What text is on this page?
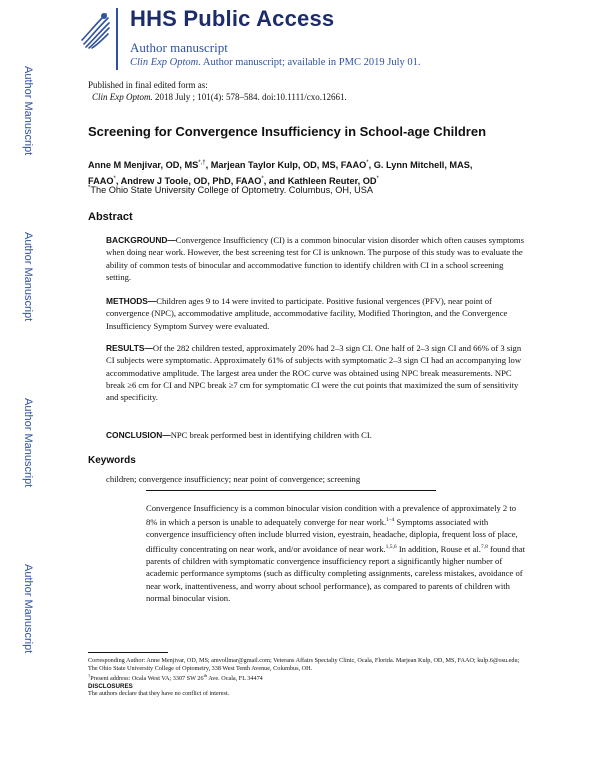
HHS Public Access
Author manuscript
Clin Exp Optom. Author manuscript; available in PMC 2019 July 01.
Author Manuscript
Author Manuscript
Author Manuscript
Author Manuscript
Published in final edited form as:
Clin Exp Optom. 2018 July ; 101(4): 578–584. doi:10.1111/cxo.12661.
Screening for Convergence Insufficiency in School-age Children
Anne M Menjivar, OD, MS*,†, Marjean Taylor Kulp, OD, MS, FAAO*, G. Lynn Mitchell, MAS,
FAAO*, Andrew J Toole, OD, PhD, FAAO*, and Kathleen Reuter, OD*
*The Ohio State University College of Optometry. Columbus, OH, USA
Abstract
BACKGROUND—Convergence Insufficiency (CI) is a common binocular vision disorder which often causes symptoms when doing near work. However, the best screening test for CI is unknown. The purpose of this study was to evaluate the ability of common tests of binocular and accommodative function to identify children with CI in a school screening setting.
METHODS—Children ages 9 to 14 were invited to participate. Positive fusional vergences (PFV), near point of convergence (NPC), accommodative amplitude, accommodative facility, Modified Thorington, and the Convergence Insufficiency Symptom Survey were evaluated.
RESULTS—Of the 282 children tested, approximately 20% had 2–3 sign CI. One half of 2–3 sign CI and 66% of 3 sign CI subjects were symptomatic. Approximately 61% of subjects with symptomatic 2–3 sign CI had an accompanying low accommodative amplitude. The largest area under the ROC curve was obtained using NPC break measurements. NPC break ≥6 cm for CI and NPC break ≥7 cm for symptomatic CI were the cut points that maximized the sum of sensitivity and specificity.
CONCLUSION—NPC break performed best in identifying children with CI.
Keywords
children; convergence insufficiency; near point of convergence; screening
Convergence Insufficiency is a common binocular vision condition with a prevalence of approximately 2 to 8% in which a person is unable to adequately converge for near work.$^{1-4}$ Symptoms associated with convergence insufficiency often include blurred vision, eyestrain, headache, diplopia, frequent loss of place, difficulty concentrating on near work, and/or avoidance of near work.$^{1,5,6}$ In addition, Rouse et al.$^{7,8}$ found that parents of children with symptomatic convergence insufficiency report a significantly higher number of academic performance symptoms (such as difficulty completing assignments, careless mistakes, avoidance of near work, inattentiveness, and worry about school performance), as compared to parents of children with normal binocular vision.
Corresponding Author: Anne Menjivar, OD, MS; amvollmar@gmail.com; Veterans Affairs Specialty Clinic, Ocala, Florida. Marjean Kulp, OD, MS, FAAO; kulp.6@osu.edu; The Ohio State University College of Optometry, 338 West Tenth Avenue, Columbus, OH.
†Present address: Ocala West VA; 3307 SW 26th Ave. Ocala, FL 34474
DISCLOSURES
The authors declare that they have no conflict of interest.
